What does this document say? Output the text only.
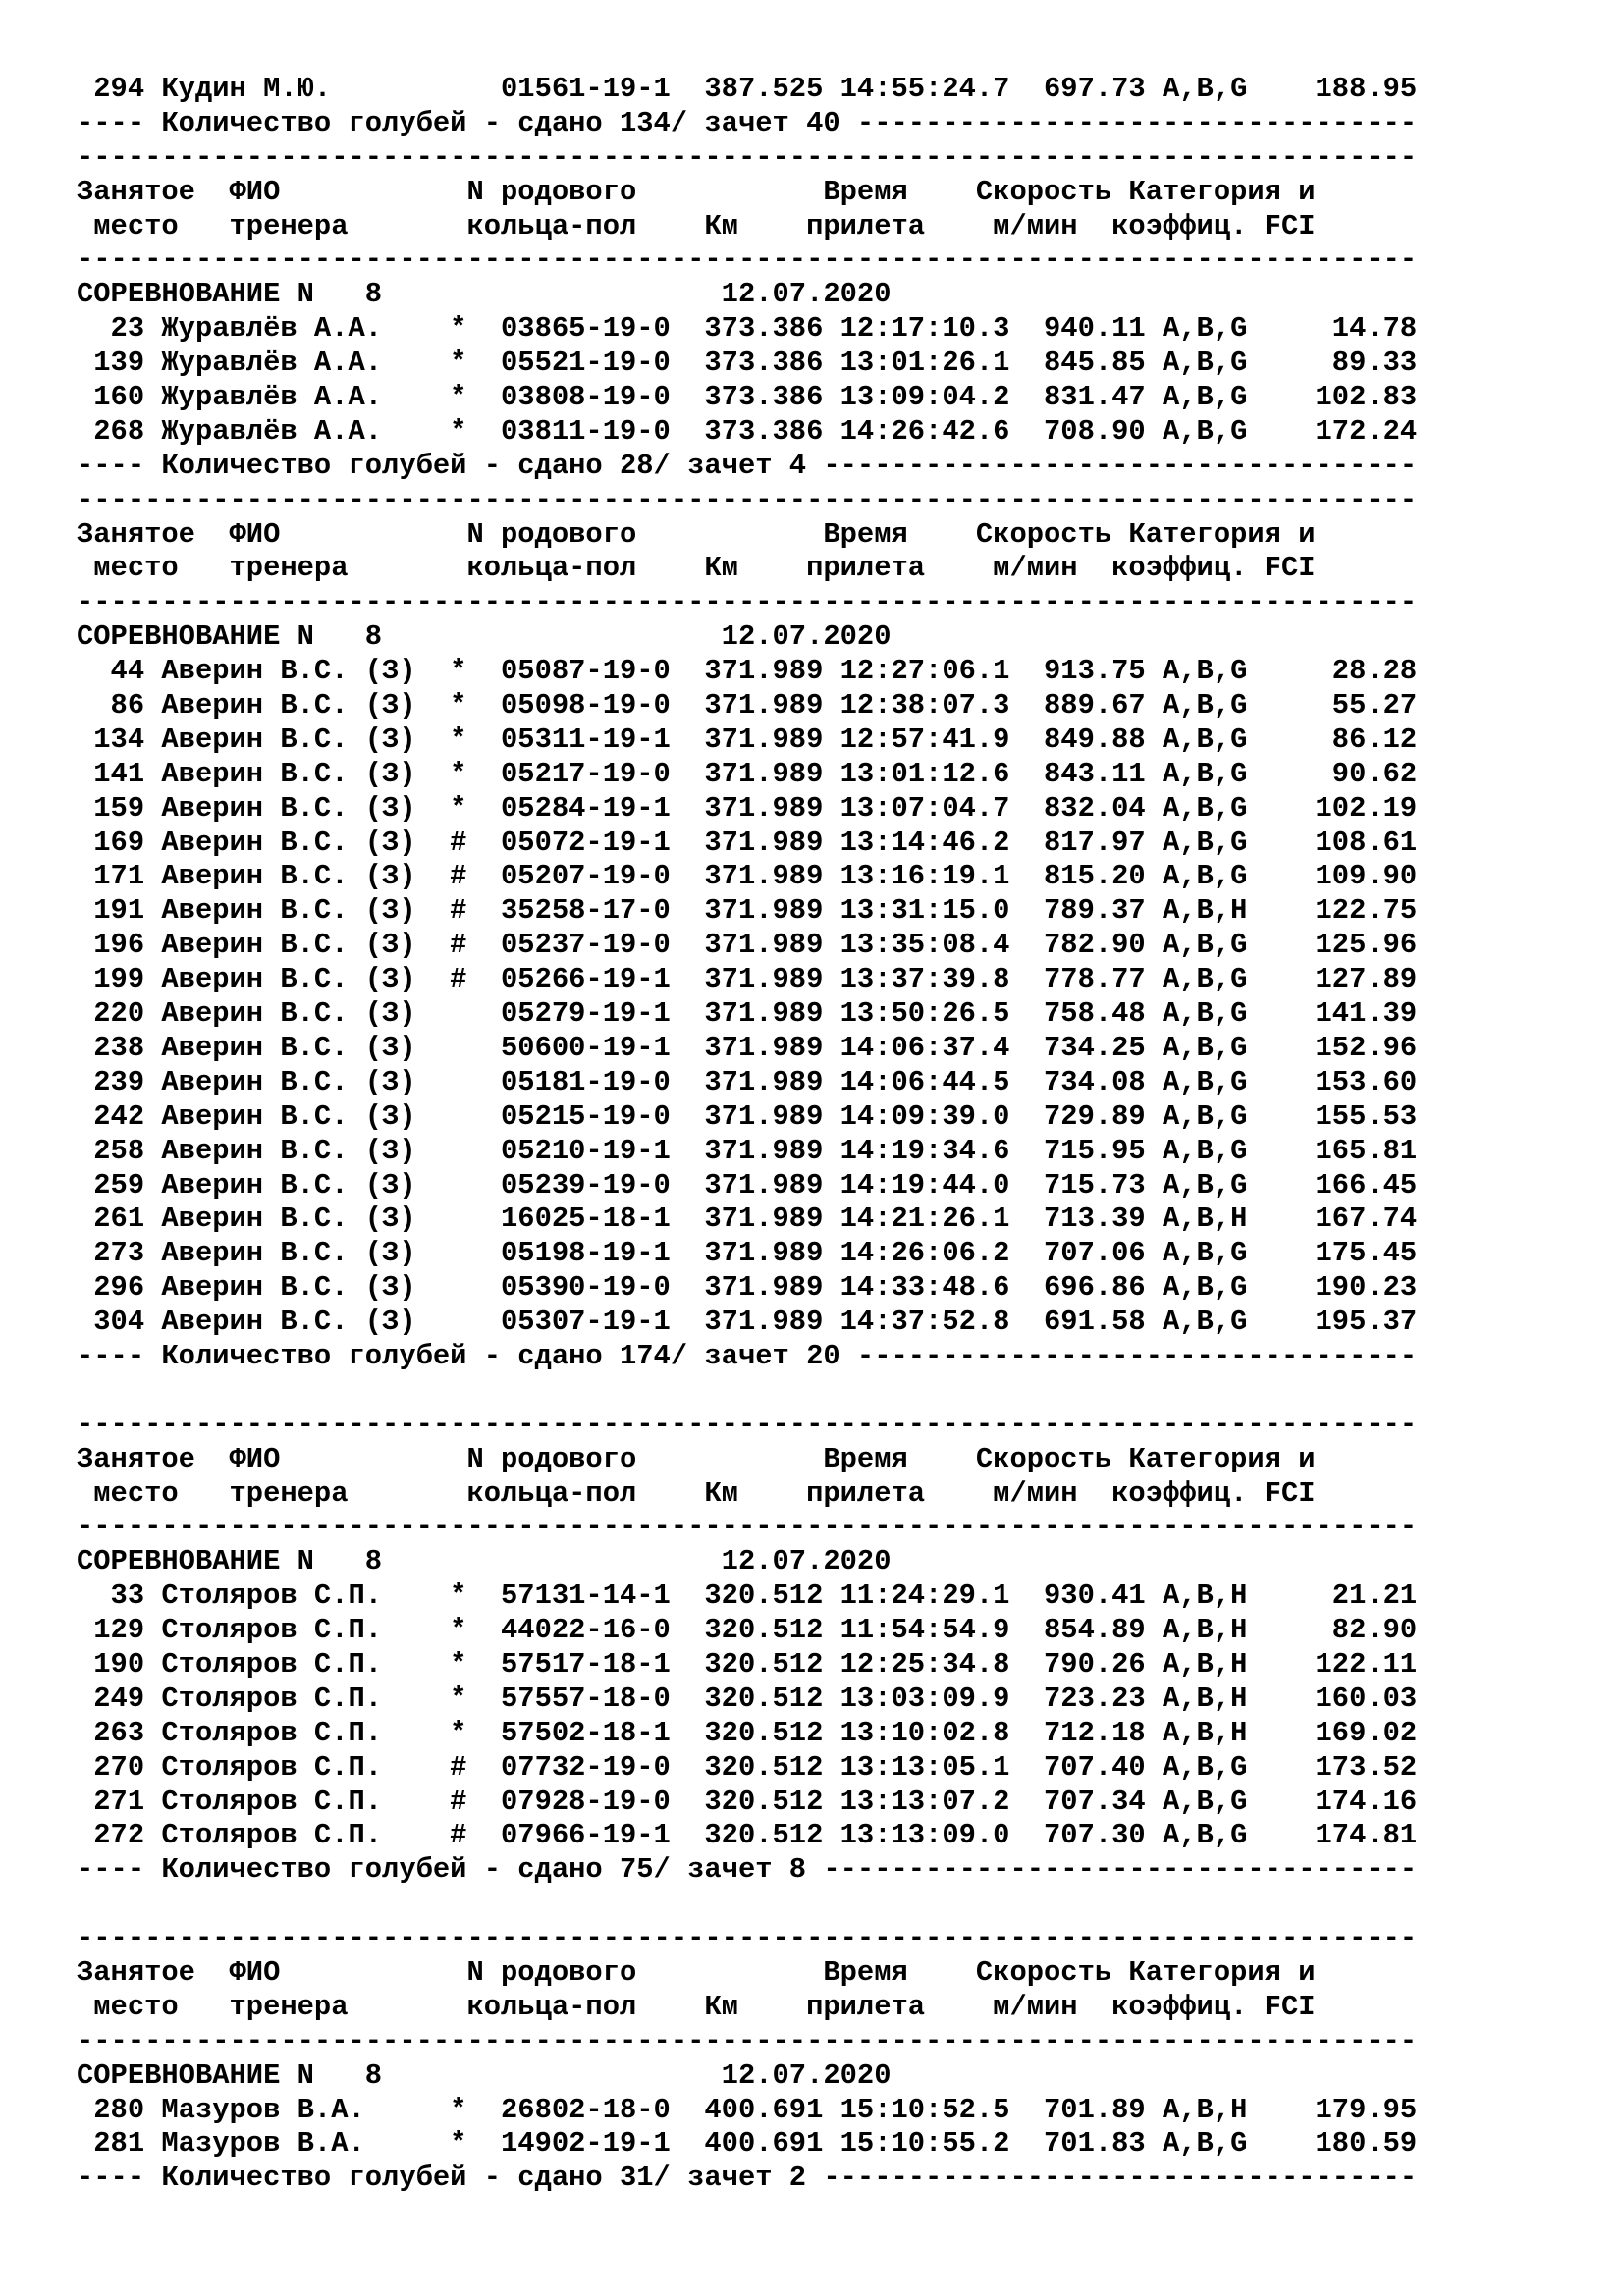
294 Кудин М.Ю.          01561-19-1  387.525 14:55:24.7  697.73 A,B,G    188.95
---- Количество голубей - сдано 134/ зачет 40 ---------------------------------
-------------------------------------------------------------------------------
Занятое  ФИО           N родового           Время    Скорость Категория и
место   тренера       кольца-пол    Км    прилета    м/мин  коэффиц. FCI
-------------------------------------------------------------------------------
СОРЕВНОВАНИЕ N   8                    12.07.2020
23 Журавлёв А.А.    *  03865-19-0  373.386 12:17:10.3  940.11 A,B,G     14.78
139 Журавлёв А.А.    *  05521-19-0  373.386 13:01:26.1  845.85 A,B,G     89.33
160 Журавлёв А.А.    *  03808-19-0  373.386 13:09:04.2  831.47 A,B,G    102.83
268 Журавлёв А.А.    *  03811-19-0  373.386 14:26:42.6  708.90 A,B,G    172.24
---- Количество голубей - сдано 28/ зачет 4 -----------------------------------
-------------------------------------------------------------------------------
Занятое  ФИО           N родового           Время    Скорость Категория и
место   тренера       кольца-пол    Км    прилета    м/мин  коэффиц. FCI
-------------------------------------------------------------------------------
СОРЕВНОВАНИЕ N   8                    12.07.2020
44 Аверин В.С. (З)  *  05087-19-0  371.989 12:27:06.1  913.75 A,B,G     28.28
86 Аверин В.С. (З)  *  05098-19-0  371.989 12:38:07.3  889.67 A,B,G     55.27
134 Аверин В.С. (З)  *  05311-19-1  371.989 12:57:41.9  849.88 A,B,G     86.12
141 Аверин В.С. (З)  *  05217-19-0  371.989 13:01:12.6  843.11 A,B,G     90.62
159 Аверин В.С. (З)  *  05284-19-1  371.989 13:07:04.7  832.04 A,B,G    102.19
169 Аверин В.С. (З)  #  05072-19-1  371.989 13:14:46.2  817.97 A,B,G    108.61
171 Аверин В.С. (З)  #  05207-19-0  371.989 13:16:19.1  815.20 A,B,G    109.90
191 Аверин В.С. (З)  #  35258-17-0  371.989 13:31:15.0  789.37 A,B,H    122.75
196 Аверин В.С. (З)  #  05237-19-0  371.989 13:35:08.4  782.90 A,B,G    125.96
199 Аверин В.С. (З)  #  05266-19-1  371.989 13:37:39.8  778.77 A,B,G    127.89
220 Аверин В.С. (З)     05279-19-1  371.989 13:50:26.5  758.48 A,B,G    141.39
238 Аверин В.С. (З)     50600-19-1  371.989 14:06:37.4  734.25 A,B,G    152.96
239 Аверин В.С. (З)     05181-19-0  371.989 14:06:44.5  734.08 A,B,G    153.60
242 Аверин В.С. (З)     05215-19-0  371.989 14:09:39.0  729.89 A,B,G    155.53
258 Аверин В.С. (З)     05210-19-1  371.989 14:19:34.6  715.95 A,B,G    165.81
259 Аверин В.С. (З)     05239-19-0  371.989 14:19:44.0  715.73 A,B,G    166.45
261 Аверин В.С. (З)     16025-18-1  371.989 14:21:26.1  713.39 A,B,H    167.74
273 Аверин В.С. (З)     05198-19-1  371.989 14:26:06.2  707.06 A,B,G    175.45
296 Аверин В.С. (З)     05390-19-0  371.989 14:33:48.6  696.86 A,B,G    190.23
304 Аверин В.С. (З)     05307-19-1  371.989 14:37:52.8  691.58 A,B,G    195.37
---- Количество голубей - сдано 174/ зачет 20 ---------------------------------
-------------------------------------------------------------------------------
Занятое  ФИО           N родового           Время    Скорость Категория и
место   тренера       кольца-пол    Км    прилета    м/мин  коэффиц. FCI
-------------------------------------------------------------------------------
СОРЕВНОВАНИЕ N   8                    12.07.2020
33 Столяров С.П.    *  57131-14-1  320.512 11:24:29.1  930.41 A,B,H     21.21
129 Столяров С.П.    *  44022-16-0  320.512 11:54:54.9  854.89 A,B,H     82.90
190 Столяров С.П.    *  57517-18-1  320.512 12:25:34.8  790.26 A,B,H    122.11
249 Столяров С.П.    *  57557-18-0  320.512 13:03:09.9  723.23 A,B,H    160.03
263 Столяров С.П.    *  57502-18-1  320.512 13:10:02.8  712.18 A,B,H    169.02
270 Столяров С.П.    #  07732-19-0  320.512 13:13:05.1  707.40 A,B,G    173.52
271 Столяров С.П.    #  07928-19-0  320.512 13:13:07.2  707.34 A,B,G    174.16
272 Столяров С.П.    #  07966-19-1  320.512 13:13:09.0  707.30 A,B,G    174.81
---- Количество голубей - сдано 75/ зачет 8 -----------------------------------
-------------------------------------------------------------------------------
Занятое  ФИО           N родового           Время    Скорость Категория и
место   тренера       кольца-пол    Км    прилета    м/мин  коэффиц. FCI
-------------------------------------------------------------------------------
СОРЕВНОВАНИЕ N   8                    12.07.2020
280 Мазуров В.А.     *  26802-18-0  400.691 15:10:52.5  701.89 A,B,H    179.95
281 Мазуров В.А.     *  14902-19-1  400.691 15:10:55.2  701.83 A,B,G    180.59
---- Количество голубей - сдано 31/ зачет 2 -----------------------------------
